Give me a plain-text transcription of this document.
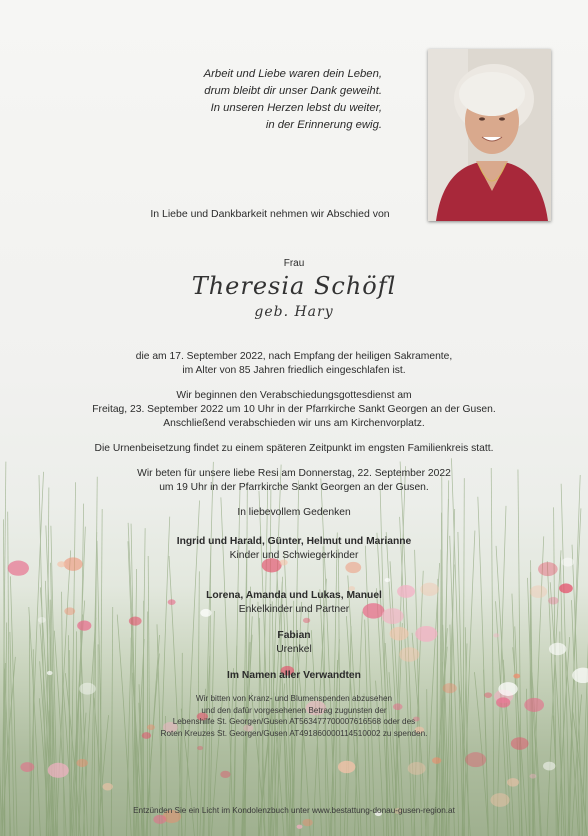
Arbeit und Liebe waren dein Leben,
drum bleibt dir unser Dank geweiht.
In unseren Herzen lebst du weiter,
in der Erinnerung ewig.
In Liebe und Dankbarkeit nehmen wir Abschied von
Frau
Theresia Schöfl
geb. Hary

die am 17. September 2022, nach Empfang der heiligen Sakramente,
im Alter von 85 Jahren friedlich eingeschlafen ist.

Wir beginnen den Verabschiedungsgottesdienst am
Freitag, 23. September 2022 um 10 Uhr in der Pfarrkirche Sankt Georgen an der Gusen.
Anschließend verabschieden wir uns am Kirchenvorplatz.

Die Urnenbeisetzung findet zu einem späteren Zeitpunkt im engsten Familienkreis statt.

Wir beten für unsere liebe Resi am Donnerstag, 22. September 2022
um 19 Uhr in der Pfarrkirche Sankt Georgen an der Gusen.

In liebevollem Gedenken

Ingrid und Harald, Günter, Helmut und Marianne
Kinder und Schwiegerkinder

Lorena, Amanda und Lukas, Manuel
Enkelkinder und Partner

Fabian
Urenkel

Im Namen aller Verwandten

Wir bitten von Kranz- und Blumenspenden abzusehen
und den dafür vorgesehenen Betrag zugunsten der
Lebenshilfe St. Georgen/Gusen AT563477700007616568 oder des
Roten Kreuzes St. Georgen/Gusen AT491860000114510002 zu spenden.

Entzünden Sie ein Licht im Kondolenzbuch unter www.bestattung-donau-gusen-region.at
